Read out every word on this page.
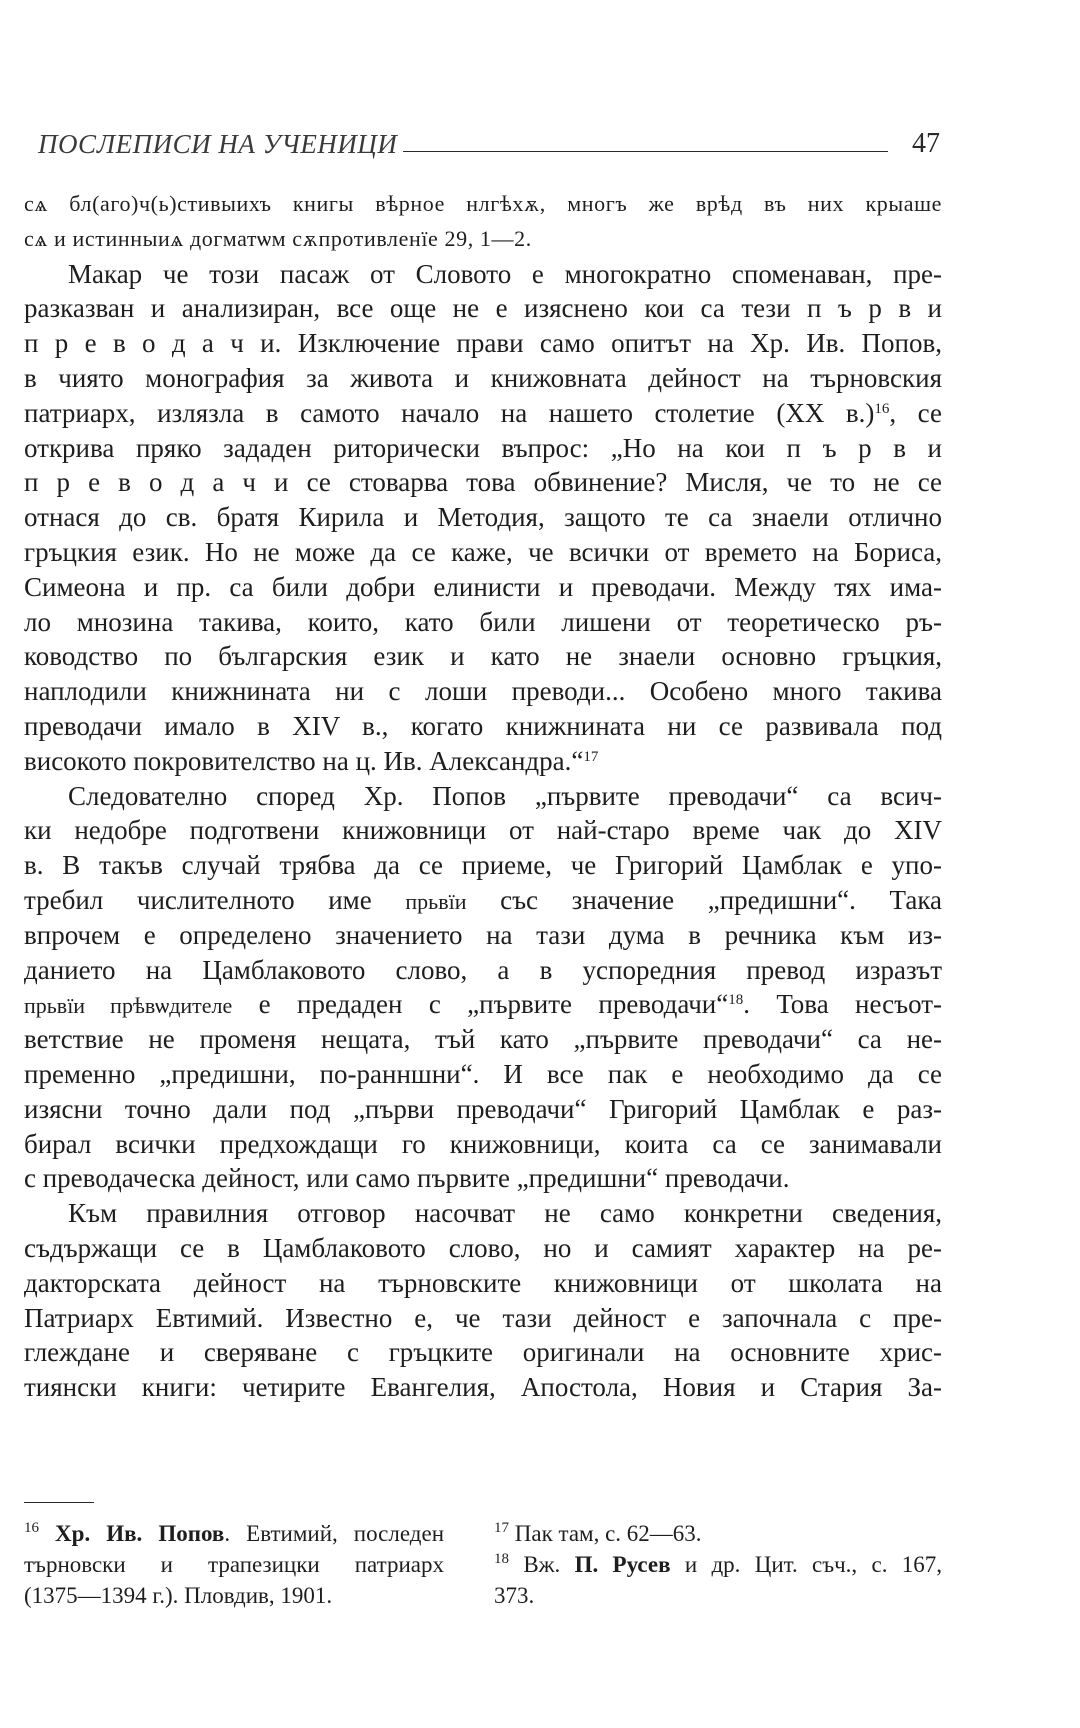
ПОСЛЕПИСИ НА УЧЕНИЦИ	47
сѧ бл(аго)ч(ь)стивыихъ книгы вѣрное нлгѣхѫ, многъ же врѣд въ них крыаше
сѧ и истинныиѧ догматѡм сѫпротивленїе 29, 1—2.
Макар че този пасаж от Словото е многократно споменаван, пре-
разказван и анализиран, все още не е изяснено кои са тези п ъ р в и
п р е в о д а ч и. Изключение прави само опитът на Хр. Ив. Попов,
в чиято монография за живота и книжовната дейност на търновския
патриарх, излязла в самото начало на нашето столетие (XX в.)$^{16}$, се
открива пряко зададен риторически въпрос: „Но на кои п ъ р в и
п р е в о д а ч и се стоварва това обвинение? Мисля, че то не се
отнася до св. братя Кирила и Методия, защото те са знаели отлично
гръцкия език. Но не може да се каже, че всички от времето на Бориса,
Симеона и пр. са били добри елинисти и преводачи. Между тях има-
ло мнозина такива, които, като били лишени от теоретическо ръ-
ководство по българския език и като не знаели основно гръцкия,
наплодили книжнината ни с лоши преводи... Особено много такива
преводачи имало в XIV в., когато книжнината ни се развивала под
високото покровителство на ц. Ив. Александра.“$^{17}$
Следователно според Хр. Попов „първите преводачи“ са всич-
ки недобре подготвени книжовници от най-старо време чак до XIV
в. В такъв случай трябва да се приеме, че Григорий Цамблак е упо-
требил числителното име прьвїи със значение „предишни“. Така
впрочем е определено значението на тази дума в речника към из-
данието на Цамблаковото слово, а в успоредния превод изразът
прьвїи прѣвѡдителе е предаден с „първите преводачи“$^{18}$. Това несъот-
ветствие не променя нещата, тъй като „първите преводачи“ са не-
пременно „предишни, по-ранншни“. И все пак е необходимо да се
изясни точно дали под „първи преводачи“ Григорий Цамблак е раз-
бирал всички предхождащи го книжовници, коита са се занимавали
с преводаческа дейност, или само първите „предишни“ преводачи.
Към правилния отговор насочват не само конкретни сведения,
съдържащи се в Цамблаковото слово, но и самият характер на ре-
дакторската дейност на търновските книжовници от школата на
Патриарх Евтимий. Известно е, че тази дейност е започнала с пре-
глеждане и сверяване с гръцките оригинали на основните хрис-
тиянски книги: четирите Евангелия, Апостола, Новия и Стария За-
$^{16}$ Хр. Ив. Попов. Евтимий, последен
търновски и трапезицки патриарх
(1375—1394 г.). Пловдив, 1901.
$^{17}$ Пак там, с. 62—63.
$^{18}$ Вж. П. Русев и др. Цит. съч., с. 167,
373.
